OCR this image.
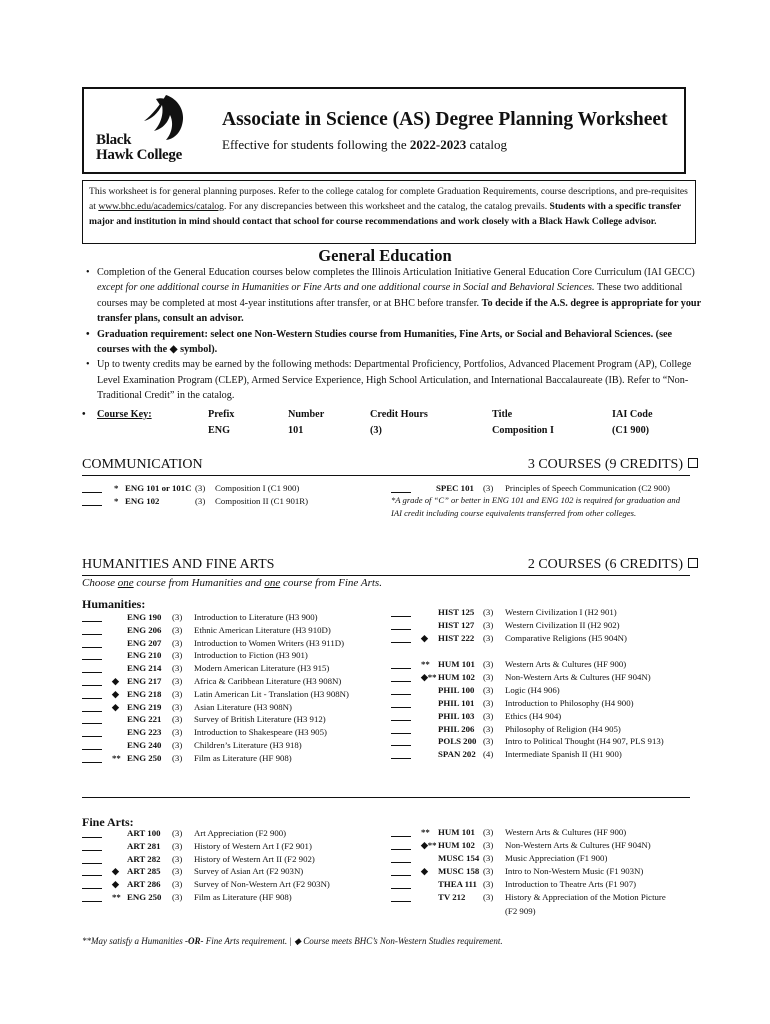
Black
Hawk College
Associate in Science (AS) Degree Planning Worksheet
Effective for students following the 2022-2023 catalog
This worksheet is for general planning purposes. Refer to the college catalog for complete Graduation Requirements, course descriptions, and pre-requisites at www.bhc.edu/academics/catalog. For any discrepancies between this worksheet and the catalog, the catalog prevails. Students with a specific transfer major and institution in mind should contact that school for course recommendations and work closely with a Black Hawk College advisor.
General Education
• Completion of the General Education courses below completes the Illinois Articulation Initiative General Education Core Curriculum (IAI GECC) except for one additional course in Humanities or Fine Arts and one additional course in Social and Behavioral Sciences. These two additional courses may be completed at most 4-year institutions after transfer, or at BHC before transfer. To decide if the A.S. degree is appropriate for your transfer plans, consult an advisor.
• Graduation requirement: select one Non-Western Studies course from Humanities, Fine Arts, or Social and Behavioral Sciences. (see courses with the ◆ symbol).
• Up to twenty credits may be earned by the following methods: Departmental Proficiency, Portfolios, Advanced Placement Program (AP), College Level Examination Program (CLEP), Armed Service Experience, High School Articulation, and International Baccalaureate (IB). Refer to “Non-Traditional Credit” in the catalog.
• Course Key:	Prefix	Number	Credit Hours	Title	IAI Code
ENG	101	(3)	Composition I	(C1 900)
COMMUNICATION	3 COURSES (9 CREDITS)
* ENG 101 or 101C (3) Composition I (C1 900)
* ENG 102	(3) Composition II (C1 901R)
SPEC 101 (3) Principles of Speech Communication (C2 900)
*A grade of “C” or better in ENG 101 and ENG 102 is required for graduation and IAI credit including course equivalents transferred from other colleges.
HUMANITIES AND FINE ARTS	2 COURSES (6 CREDITS)
Choose one course from Humanities and one course from Fine Arts.
Humanities:
ENG 190 (3) Introduction to Literature (H3 900)
ENG 206 (3) Ethnic American Literature (H3 910D)
ENG 207 (3) Introduction to Women Writers (H3 911D)
ENG 210 (3) Introduction to Fiction (H3 901)
ENG 214 (3) Modern American Literature (H3 915)
◆ ENG 217 (3) Africa & Caribbean Literature (H3 908N)
◆ ENG 218 (3) Latin American Lit - Translation (H3 908N)
◆ ENG 219 (3) Asian Literature (H3 908N)
ENG 221 (3) Survey of British Literature (H3 912)
ENG 223 (3) Introduction to Shakespeare (H3 905)
ENG 240 (3) Children’s Literature (H3 918)
** ENG 250 (3) Film as Literature (HF 908)
HIST 125 (3) Western Civilization I (H2 901)
HIST 127 (3) Western Civilization II (H2 902)
◆ HIST 222 (3) Comparative Religions (H5 904N)
** HUM 101 (3) Western Arts & Cultures (HF 900)
◆** HUM 102 (3) Non-Western Arts & Cultures (HF 904N)
PHIL 100 (3) Logic (H4 906)
PHIL 101 (3) Introduction to Philosophy (H4 900)
PHIL 103 (3) Ethics (H4 904)
PHIL 206 (3) Philosophy of Religion (H4 905)
POLS 200 (3) Intro to Political Thought (H4 907, PLS 913)
SPAN 202 (4) Intermediate Spanish II (H1 900)
Fine Arts:
ART 100 (3) Art Appreciation (F2 900)
ART 281 (3) History of Western Art I (F2 901)
ART 282 (3) History of Western Art II (F2 902)
◆ ART 285 (3) Survey of Asian Art (F2 903N)
◆ ART 286 (3) Survey of Non-Western Art (F2 903N)
** ENG 250 (3) Film as Literature (HF 908)
** HUM 101 (3) Western Arts & Cultures (HF 900)
◆** HUM 102 (3) Non-Western Arts & Cultures (HF 904N)
MUSC 154 (3) Music Appreciation (F1 900)
◆ MUSC 158 (3) Intro to Non-Western Music (F1 903N)
THEA 111 (3) Introduction to Theatre Arts (F1 907)
TV 212 (3) History & Appreciation of the Motion Picture
(F2 909)
**May satisfy a Humanities -OR- Fine Arts requirement. | ◆ Course meets BHC’s Non-Western Studies requirement.
